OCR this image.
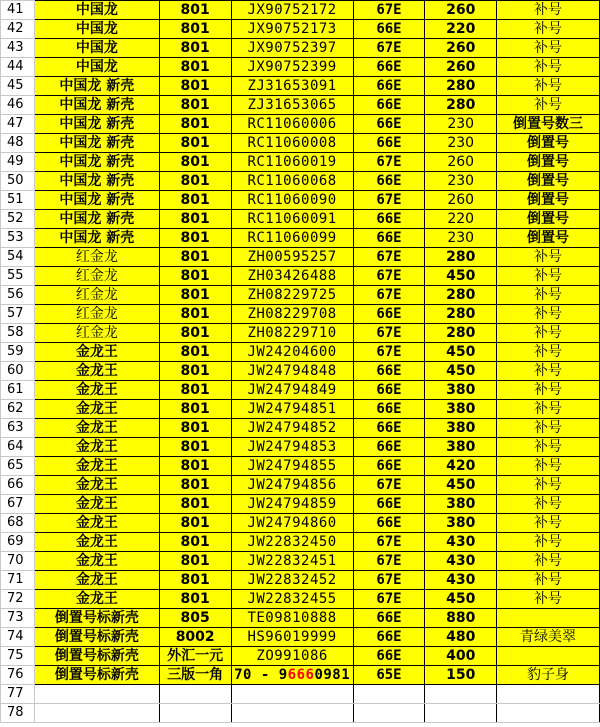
41	中国龙	801	JX90752172	67E	260	补号
42	中国龙	801	JX90752173	66E	220	补号
43	中国龙	801	JX90752397	67E	260	补号
44	中国龙	801	JX90752399	66E	260	补号
45	中国龙 新壳	801	ZJ31653091	66E	280	补号
46	中国龙 新壳	801	ZJ31653065	66E	280	补号
47	中国龙 新壳	801	RC11060006	66E	230	倒置号数三
48	中国龙 新壳	801	RC11060008	66E	230	倒置号
49	中国龙 新壳	801	RC11060019	67E	260	倒置号
50	中国龙 新壳	801	RC11060068	66E	230	倒置号
51	中国龙 新壳	801	RC11060090	67E	260	倒置号
52	中国龙 新壳	801	RC11060091	66E	220	倒置号
53	中国龙 新壳	801	RC11060099	66E	230	倒置号
54	红金龙	801	ZH00595257	67E	280	补号
55	红金龙	801	ZH03426488	67E	450	补号
56	红金龙	801	ZH08229725	67E	280	补号
57	红金龙	801	ZH08229708	66E	280	补号
58	红金龙	801	ZH08229710	67E	280	补号
59	金龙王	801	JW24204600	67E	450	补号
60	金龙王	801	JW24794848	66E	450	补号
61	金龙王	801	JW24794849	66E	380	补号
62	金龙王	801	JW24794851	66E	380	补号
63	金龙王	801	JW24794852	66E	380	补号
64	金龙王	801	JW24794853	66E	380	补号
65	金龙王	801	JW24794855	66E	420	补号
66	金龙王	801	JW24794856	67E	450	补号
67	金龙王	801	JW24794859	66E	380	补号
68	金龙王	801	JW24794860	66E	380	补号
69	金龙王	801	JW22832450	67E	430	补号
70	金龙王	801	JW22832451	67E	430	补号
71	金龙王	801	JW22832452	67E	430	补号
72	金龙王	801	JW22832455	67E	450	补号
73	倒置号标新壳	805	TE09810888	66E	880	
74	倒置号标新壳	8002	HS96019999	66E	480	青绿美翠
75	倒置号标新壳	外汇一元	ZO991086	66E	400	
76	倒置号标新壳	三版一角	70 - 96660981	65E	150	豹子身
77						
78						
